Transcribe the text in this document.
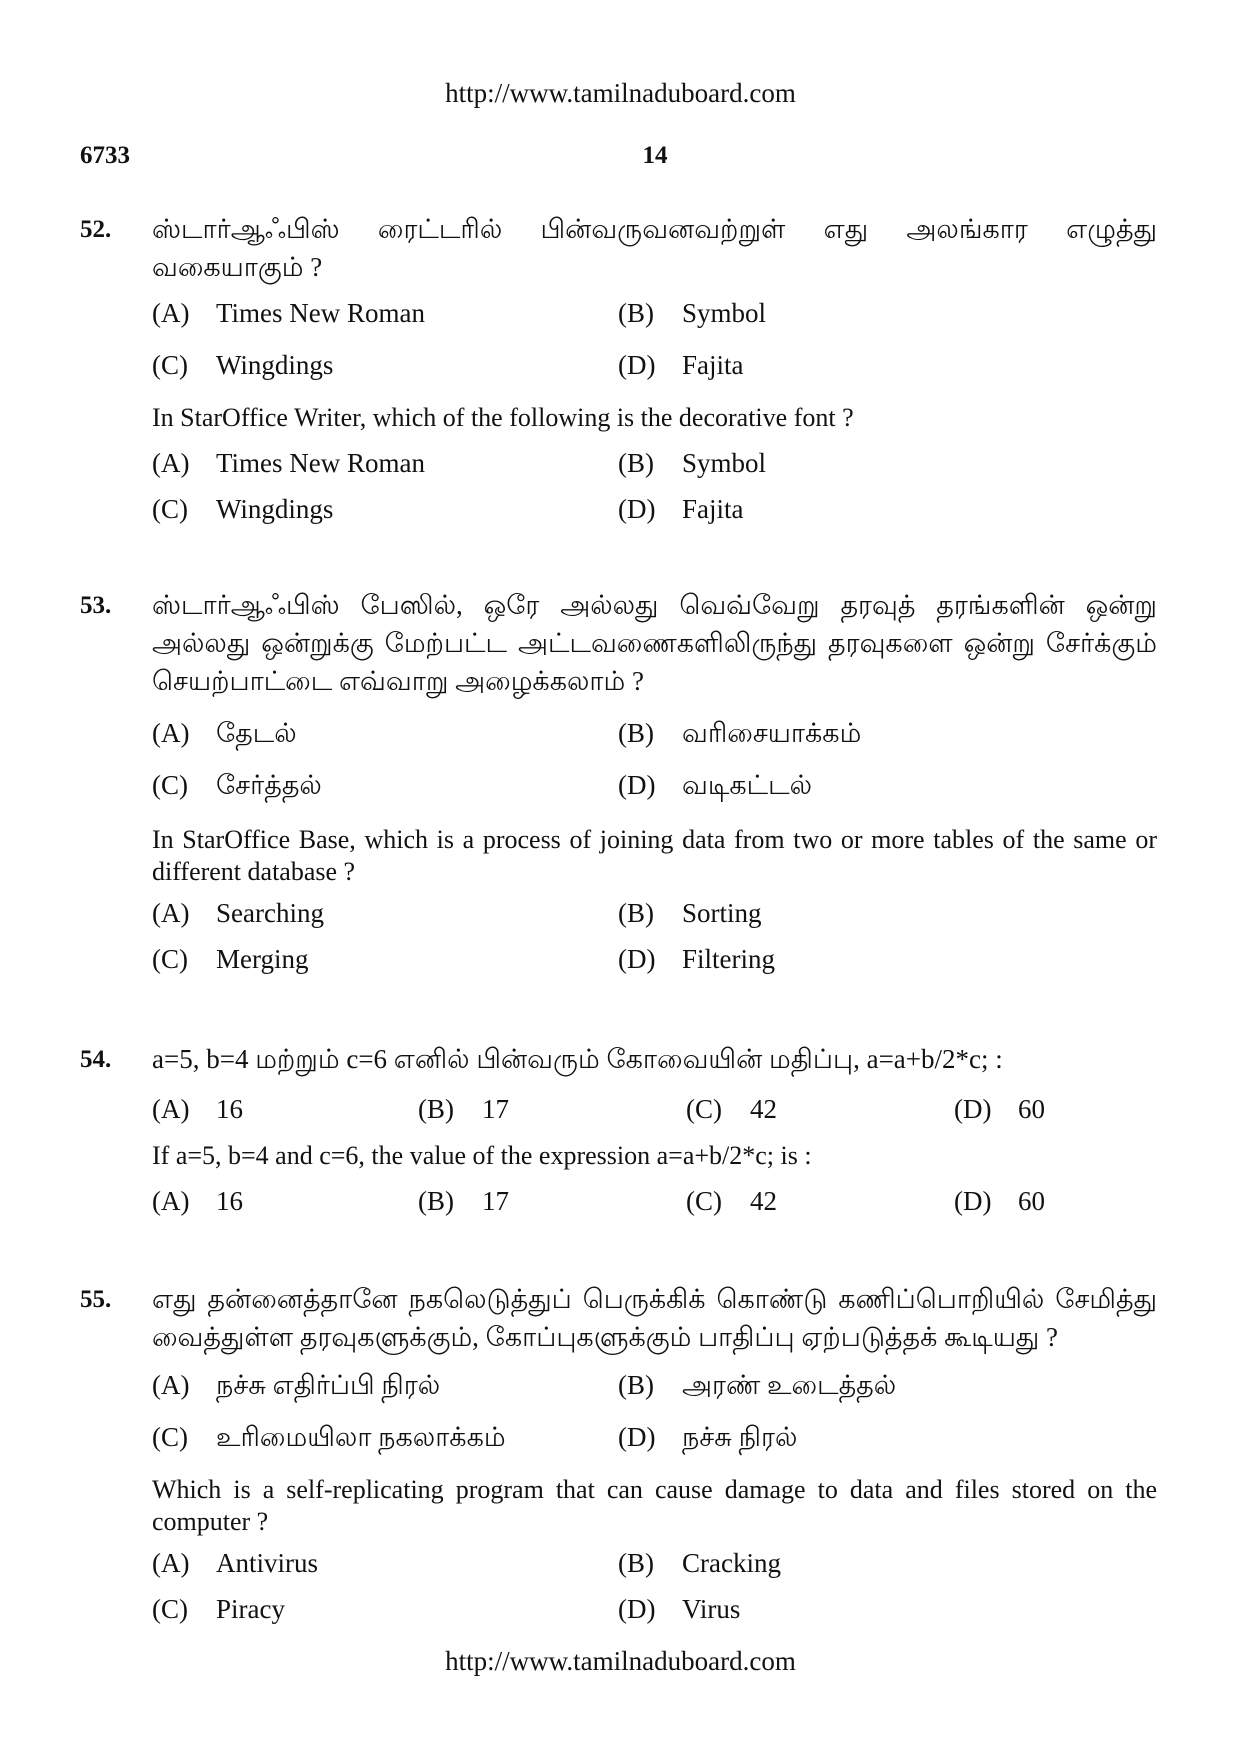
http://www.tamilnaduboard.com
6733	14
52. ஸ்டார்ஆஃபிஸ் ரைட்டரில் பின்வருவனவற்றுள் எது அலங்கார எழுத்து வகையாகும் ?
(A) Times New Roman	(B) Symbol
(C) Wingdings	(D) Fajita
In StarOffice Writer, which of the following is the decorative font ?
(A) Times New Roman	(B) Symbol
(C) Wingdings	(D) Fajita
53. ஸ்டார்ஆஃபிஸ் பேஸில், ஒரே அல்லது வெவ்வேறு தரவுத் தரங்களின் ஒன்று அல்லது ஒன்றுக்கு மேற்பட்ட அட்டவணைகளிலிருந்து தரவுகளை ஒன்று சேர்க்கும் செயற்பாட்டை எவ்வாறு அழைக்கலாம் ?
(A) தேடல்	(B) வரிசையாக்கம்
(C) சேர்த்தல்	(D) வடிகட்டல்
In StarOffice Base, which is a process of joining data from two or more tables of the same or different database ?
(A) Searching	(B) Sorting
(C) Merging	(D) Filtering
54. a=5, b=4 மற்றும் c=6 எனில் பின்வரும் கோவையின் மதிப்பு, a=a+b/2*c; :
(A) 16	(B) 17	(C) 42	(D) 60
If a=5, b=4 and c=6, the value of the expression a=a+b/2*c; is :
(A) 16	(B) 17	(C) 42	(D) 60
55. எது தன்னைத்தானே நகலெடுத்துப் பெருக்கிக் கொண்டு கணிப்பொறியில் சேமித்து வைத்துள்ள தரவுகளுக்கும், கோப்புகளுக்கும் பாதிப்பு ஏற்படுத்தக் கூடியது ?
(A) நச்சு எதிர்ப்பி நிரல்	(B) அரண் உடைத்தல்
(C) உரிமையிலா நகலாக்கம்	(D) நச்சு நிரல்
Which is a self-replicating program that can cause damage to data and files stored on the computer ?
(A) Antivirus	(B) Cracking
(C) Piracy	(D) Virus
http://www.tamilnaduboard.com
